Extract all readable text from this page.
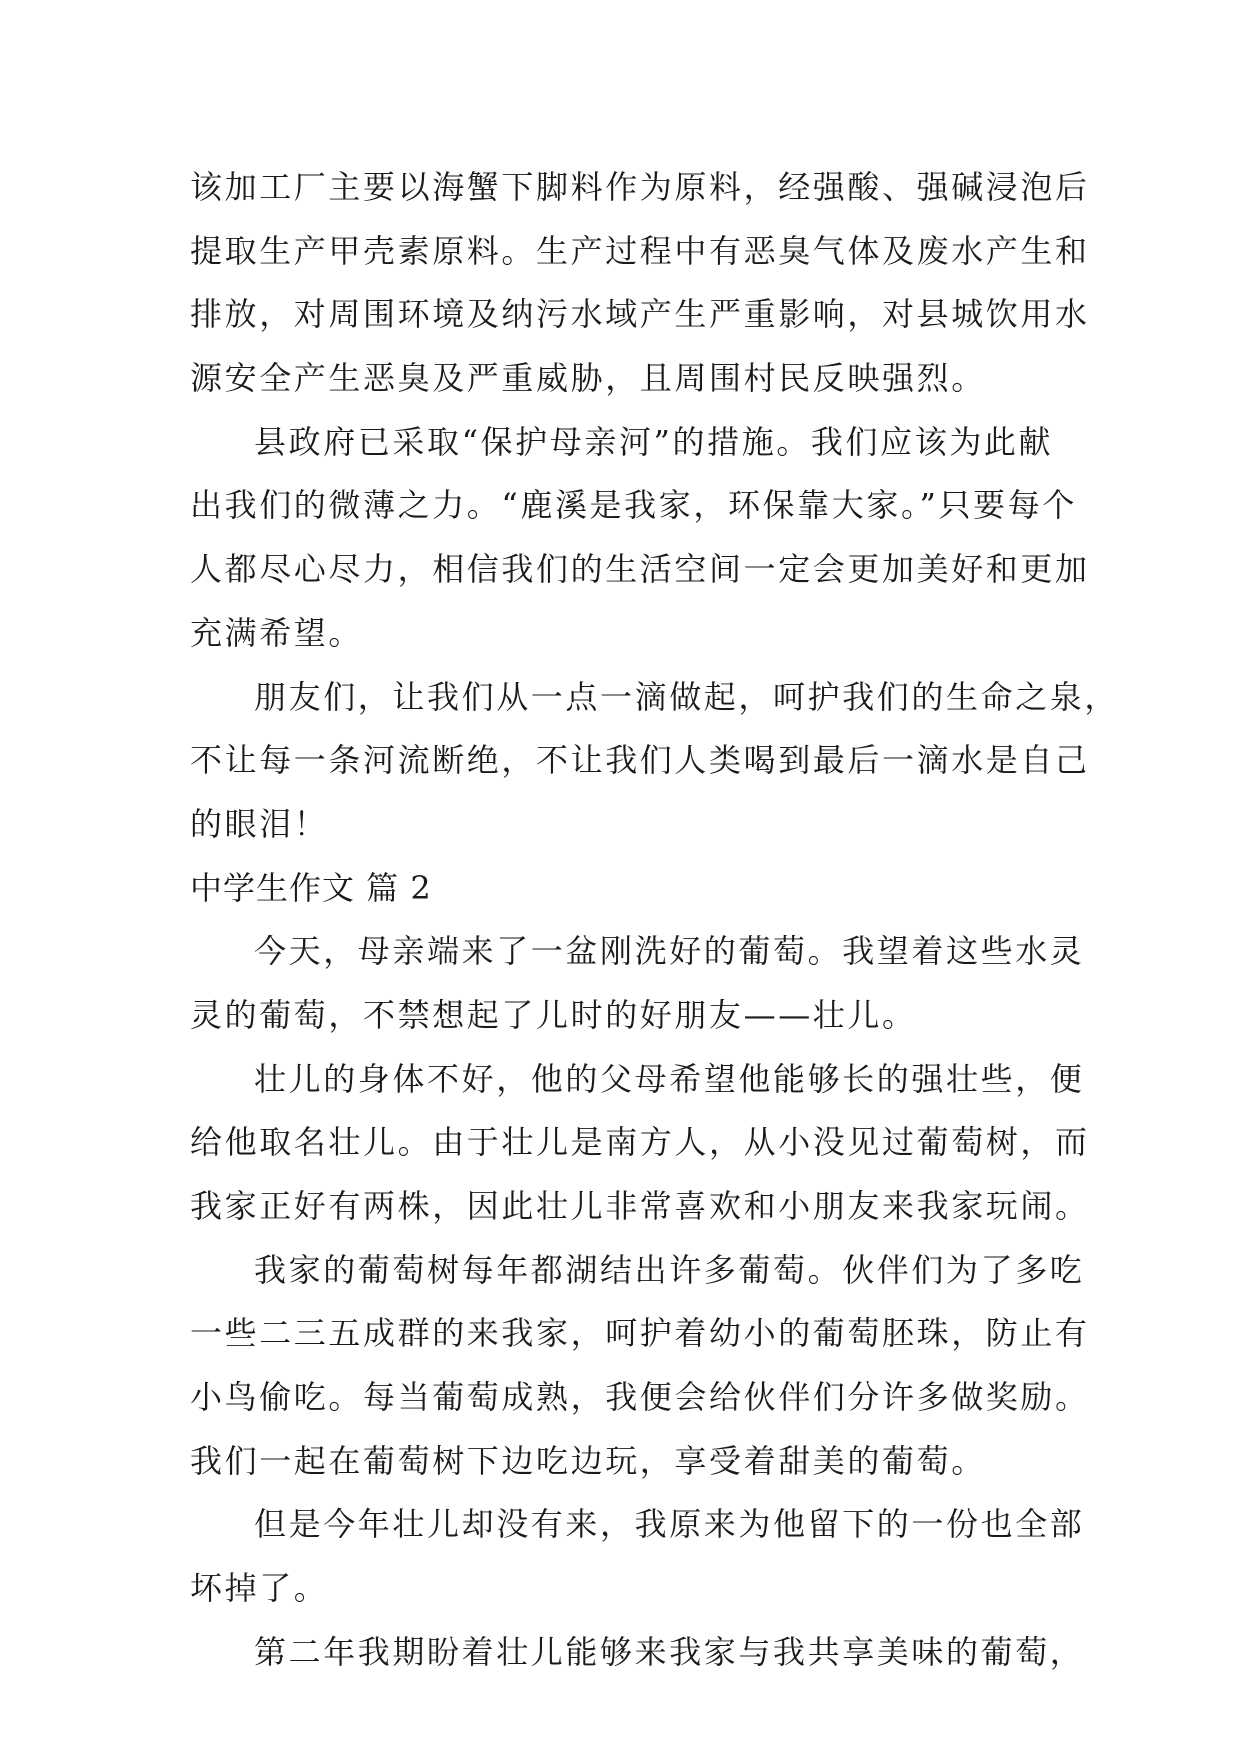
该加工厂主要以海蟹下脚料作为原料，经强酸、强碱浸泡后
提取生产甲壳素原料。生产过程中有恶臭气体及废水产生和
排放，对周围环境及纳污水域产生严重影响，对县城饮用水
源安全产生恶臭及严重威胁，且周围村民反映强烈。
县政府已采取“保护母亲河”的措施。我们应该为此献
出我们的微薄之力。“鹿溪是我家，环保靠大家。”只要每个
人都尽心尽力，相信我们的生活空间一定会更加美好和更加
充满希望。
朋友们，让我们从一点一滴做起，呵护我们的生命之泉，
不让每一条河流断绝，不让我们人类喝到最后一滴水是自己
的眼泪！
中学生作文 篇 2
今天，母亲端来了一盆刚洗好的葡萄。我望着这些水灵
灵的葡萄，不禁想起了儿时的好朋友——壮儿。
壮儿的身体不好，他的父母希望他能够长的强壮些，便
给他取名壮儿。由于壮儿是南方人，从小没见过葡萄树，而
我家正好有两株，因此壮儿非常喜欢和小朋友来我家玩闹。
我家的葡萄树每年都湖结出许多葡萄。伙伴们为了多吃
一些二三五成群的来我家，呵护着幼小的葡萄胚珠，防止有
小鸟偷吃。每当葡萄成熟，我便会给伙伴们分许多做奖励。
我们一起在葡萄树下边吃边玩，享受着甜美的葡萄。
但是今年壮儿却没有来，我原来为他留下的一份也全部
坏掉了。
第二年我期盼着壮儿能够来我家与我共享美味的葡萄，
